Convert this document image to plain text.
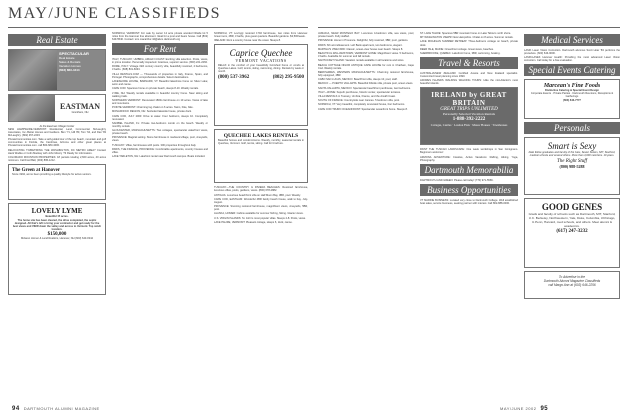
MAY/JUNE CLASSIFIEDS
Real Estate
SPECTACULAR
Real Estate
Sales & Rentals
Vacation Homes
(603) 863-4444
EASTMAN
Grantham, NH
At the Eastman Village Center
NEW HAMPSHIRE-VERMONT: Residential, Land, Commercial. McLaughry Associates, Inc.-Better Homes and Gardens. Ben '71, Hill '80, Tom '64, and Dan '83 McLaughry. (802) 457-2233
PrivateCommunities.com. Take a self-guided tour of the top beach, mountain and golf communities in Florida, the Carolinas, Arizona and other great places at PrivateCommunities.com. call 800-683-4000.
RELOCATING TO/RETIRING THE WASHINGTON, DC METRO AREA? Contact Hank Wudke or Colin Mackay with John Mowry '73 Realty for information.
COLORADO MOUNTAIN PROPERTIES: 18 parcels totaling 2,600 acres, 40 acres minimum. Call Fred Ball, (303) 895-1212.
The Green at Hanover
Since 1994, we've been providing a quality lifestyle for active seniors.
LOVELY LYME
Beautiful 15 acres.
The home site has been cleared, the drive completed, the septic designed. All that's left is bring your contractor and get ready for the best views and VIEW down the valley and across to Vermont. Top notch location.
$150,000
Mclaren Horner & Land Realtors, Hanover, NH (603) 643-0344
NORWICH, VERMONT: For sale by owner 12 acre private wooded hillside lot 5 miles from the Hanover line abutment. Ideal for a post and beam house. Call (802) 649-5540. Contact: tom.macarthur.44@alum.dartmouth.org
For Rent
ITALY, TUSCANY, UMBRIA, AMALFI COAST: Exciting villa selection. Pools, views, in prime location. Personally inspected. Gracious, superior service. (800) 221-2260.
ROME, ITALY: Vintage 19th century country villa, beautifully restored, 4 bedrooms, 3 baths. (608) 831-6033.
VILLA RENTALS.COM — Thousands of properties in Italy, France, Spain, and Portugal. Photographs, comprehensive details. Select destinations.
LAKESHORE HOUSE, BARNARD, VT: Beautiful lakeshore home on Silver Lake; swim and canoe.
CAPE COD: Spacious home on private beach, sleeps 8-10. Weekly rentals.
LYME, NH: Weekly rentals available in beautiful country home. Near skiing and walking trails.
NORTHERN VERMONT: Renovated 1800s farmhouse on 10 acres. Views of lake and mountains.
POINTE-VERMONT: Charming log chalet on 6 acres. Swim, hike, bike.
MONADNOCK REGION, NH: Secluded lakeside house, private dock.
CAPE COD, JULY 2003: Drive to water. Four bedroom, sleeps 10. Completely renovated.
SANIBEL ISLAND, FL: Private two-bedroom condo on the beach. Weekly or monthly rentals.
GLOUCESTER, MASSACHUSETTS: Two cottages, spectacular waterfront views, private beach.
PROVENCE: Magical setting. Stone farmhouse in medieval village, pool, vineyards, views.
TUSCANY: Villas, farmhouses with pools. 300 properties throughout Italy.
PARIS, THE FRANCE, PROVENCE: Comfortable apartments, country houses and villas.
LAKE TARLETON, NH: Lakefront rental near Dartmouth campus. Boats included.
NORWICH, VT: Lovingly restored 1792 farmhouse, two miles from Hanover. Great room, 4BR, 3 baths, plus guest quarters. Beautiful gardens. $3,500/week.
IRELAND: Rent a country house near the coast. Sleeps 8.
Caprice Quechee
VERMONT VACATIONS
RELAX in the comfort of your beautifully furnished home or condo at Quechee Lakes. Golf, tennis, skiing, swimming, dining. Rentals by week or month.
(800) 537-3962	(802) 295-9500
QUECHEE LAKES RENTALS
Beautiful homes and condominiums. Weekly, monthly, seasonal rentals in Quechee, Vermont. Golf, tennis, skiing. Call for brochure.
TUSCANY—THE COUNTRY & RIVIERA BEACHES: Restored farmhouse, luxurious villas, pools, gardens, views. (800) 678-2882.
ANTIGUA: Luxurious beachfront villa on Half Moon Bay, 3BR, pool. Weekly.
CAPE COD, EASTHAM: Wonderful 4BR family beach house, walk to bay. July-August.
PROVENCE: Stunning restored farmhouse, magnificent views, vineyards, 5BR, pool.
ALASKA, HOMER: Cabins available for summer fishing, hiking. Glacier views.
U.S. VIRGIN ISLANDS: St. John's most popular villas. Sleeps 4-8. Pools, views.
LAKE PALIRE, VERMONT: Pleasant cottage, sleeps 6, dock, canoe.
JAMAICA, NEAR MONTEGO BAY: Luxurious 4-bedroom villa, sea views, pool, private beach. Fully staffed.
PROVENCE: Home in Provence. Delightful, fully restored, 3BR, pool, gardens.
PARIS: 6th arrondissement. Left Bank apartment, two bedrooms, elegant.
MARTHA'S VINEYARD: Classic, ocean-view house near beach. Sleeps 8.
BEAUTIFUL WILLIAMSTOWN, VERMONT HOME: Magnificent views. 5 bedrooms, 3 baths. Available for summer and fall rentals.
NANTUCKET ISLAND: Vacation rentals available in all locations and sizes.
BEACH COTTAGE NIGOR ANTIQUE CAPE HOUSE for rent in Chatham, Cape Cod. Weekly rentals.
BERKSHIRES, WESTERN MASSACHUSETTS: Charming restored farmhouse, fully equipped, 4BR.
CABO SAN LUCAS, MEXICO: Beachfront villa, sleeps 10, pool, staff.
MEXICO — PUERTO VALLARTA: Beautiful hillside villa, private pool, ocean views.
SANTA VALLARTA, MEXICO: Spectacular beachfront penthouse, two bedrooms.
ITALY—ROME: Superb penthouse, historic center, spectacular terraces.
VILLA RENTALS in Tuscany, Umbria, France, and the Amalfi Coast.
SOUTH OF FRANCE: Countryside near Cannes. 5 bedroom villa, pool.
NORWICH, VT: Very beautiful, completely renovated house, four bedrooms.
CAPE COD TRURO OCEANFRONT: Spectacular oceanfront home. Sleeps 8.
ST. LAKE TAHOE: Spacious 5BR mountain home on Lake Tahoe's north shore.
MT WASHINGTON VIEWS! New Hampshire. Chalet on 8 acres. Summer rentals.
LAKE MICHIGAN SUMMER RETREAT: Three-bedroom cottage on beach, private dock.
DEER ISLE, MAINE: Oceanfront cottage. Great views, beaches.
SHERBROOKE, QUEBEC: Lakefront home, 3BR, swimming, boating.
Travel & Resorts
AUSTRALIA/NEW ZEALAND: Certified Aussie and New Zealand specialist. Customized travel planning since 1990.
ADORES ISLANDS WALKING WALKING TOURS: Hike the mid-Atlantic's most beautiful islands.
IRELAND by GREAT BRITAIN
GREAT TRIPS UNLIMITED
Personally Selected Vacation Rentals
1-888-392-2222
Cottages, Castles · London Flats · Manor Houses · Townhouses
PAINT THE TUSCAN LANDSCAPE: One week workshops in San Gimignano. Beginners welcome!
ARIZONA ADVENTURE: Creative, Active Vacations: Rafting, Hiking, Yoga, Photography.
Dartmouth Memorabilia
DARTMOUTH AND GREEN: Please call today! (770) 971-5566.
Business Opportunities
VT MARINE BUSINESS: Located very close to Dartmouth College. Well established boat sales, service business, seeking partner with interest. Call 802-888-0000.
Medical Services
LASIK Laser Vision Correction. Dartmouth alumnus Scott Hoar '83 performs the procedure. (603) 643-9000.
LASIK/LASEK Hanover Health: Providing the most advanced Laser Vision correction. Call today for a free evaluation.
Special Events Catering
Marcean's Fine Foods
Distinctive Catering & Special Event Design
Corporate Events · Private Parties · Dartmouth Reunions, Receptions & Gatherings
(603) 643-7777
Personals
Smart is Sexy
Date fellow graduates and faculty of the Ivies, Seven Sisters, MIT, Stanford, medical schools and several others. More than 4,000 members. 10 years.
The Right Stuff
(800) 988-5288
GOOD GENES
Grads and faculty of schools such as Dartmouth, MIT, Stanford, U.C. Berkeley, Northwestern, Yale, Duke, Columbia, UChicago, U.Penn, Harvard, med schools, and others. Meet alumni & academics.
(617) 247-3232
To Advertise in the
Dartmouth Alumni Magazine Classifieds
call Margo Ann at (603) 646-2256
94 DARTMOUTH ALUMNI MAGAZINE	MAY/JUNE 2002 95
